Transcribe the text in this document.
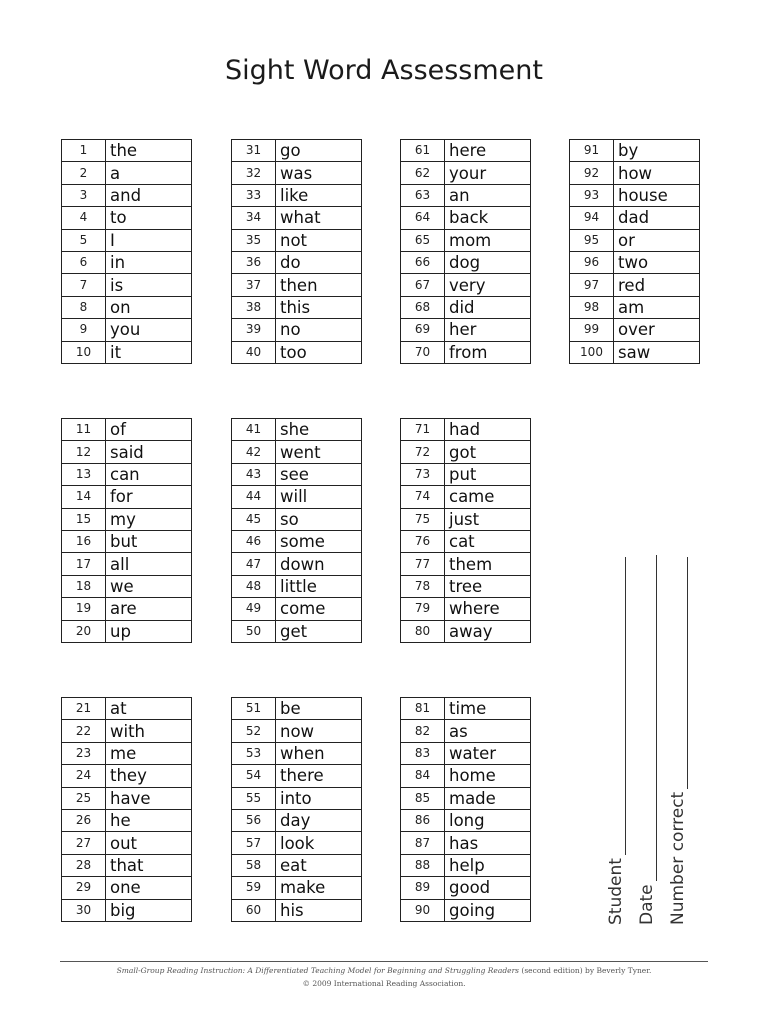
Sight Word Assessment
1	the
2	a
3	and
4	to
5	I
6	in
7	is
8	on
9	you
10	it
31	go
32	was
33	like
34	what
35	not
36	do
37	then
38	this
39	no
40	too
61	here
62	your
63	an
64	back
65	mom
66	dog
67	very
68	did
69	her
70	from
91	by
92	how
93	house
94	dad
95	or
96	two
97	red
98	am
99	over
100	saw
11	of
12	said
13	can
14	for
15	my
16	but
17	all
18	we
19	are
20	up
41	she
42	went
43	see
44	will
45	so
46	some
47	down
48	little
49	come
50	get
71	had
72	got
73	put
74	came
75	just
76	cat
77	them
78	tree
79	where
80	away
21	at
22	with
23	me
24	they
25	have
26	he
27	out
28	that
29	one
30	big
51	be
52	now
53	when
54	there
55	into
56	day
57	look
58	eat
59	make
60	his
81	time
82	as
83	water
84	home
85	made
86	long
87	has
88	help
89	good
90	going	Student Date Number correct
Small-Group Reading Instruction: A Differentiated Teaching Model for Beginning and Struggling Readers (second edition) by Beverly Tyner.
© 2009 International Reading Association.
